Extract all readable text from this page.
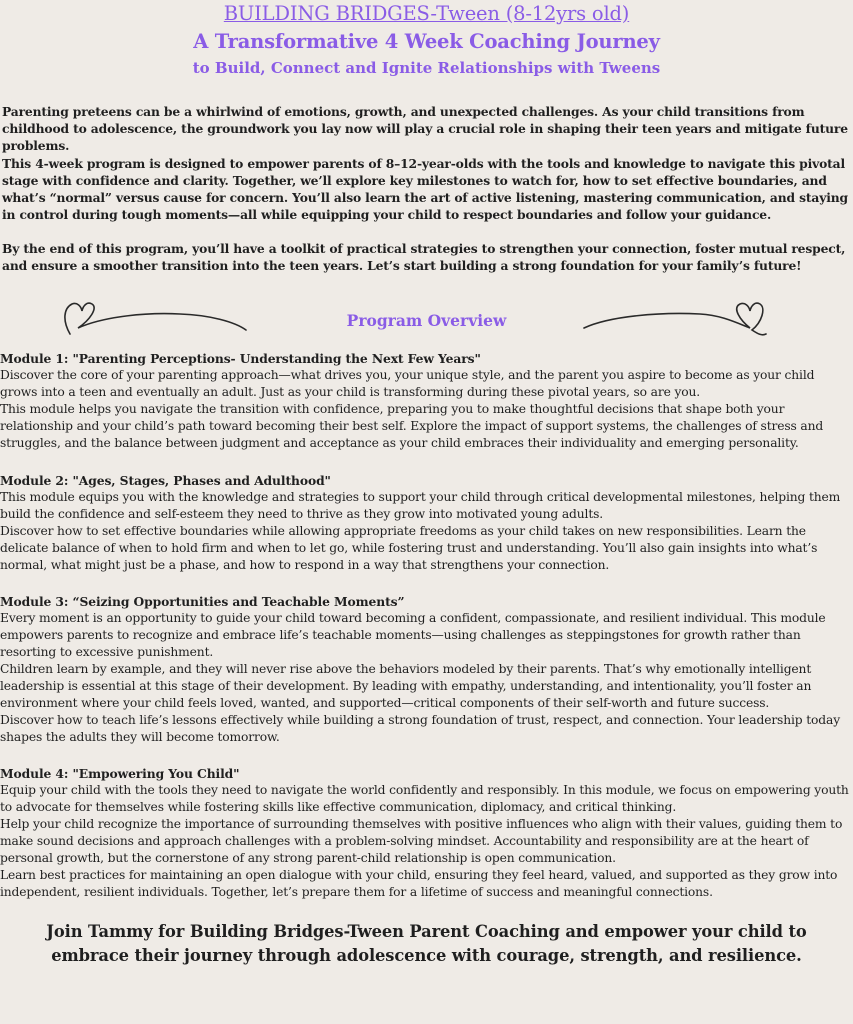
BUILDING BRIDGES-Tween (8-12yrs old)
A Transformative 4 Week Coaching Journey
to Build, Connect and Ignite Relationships with Tweens

Parenting preteens can be a whirlwind of emotions, growth, and unexpected challenges. As your child transitions from childhood to adolescence, the groundwork you lay now will play a crucial role in shaping their teen years and mitigate future problems.

This 4-week program is designed to empower parents of 8–12-year-olds with the tools and knowledge to navigate this pivotal stage with confidence and clarity. Together, we’ll explore key milestones to watch for, how to set effective boundaries, and what’s “normal” versus cause for concern. You’ll also learn the art of active listening, mastering communication, and staying in control during tough moments—all while equipping your child to respect boundaries and follow your guidance.

By the end of this program, you’ll have a toolkit of practical strategies to strengthen your connection, foster mutual respect, and ensure a smoother transition into the teen years. Let’s start building a strong foundation for your family’s future!

Program Overview

Module 1: "Parenting Perceptions- Understanding the Next Few Years"

Discover the core of your parenting approach—what drives you, your unique style, and the parent you aspire to become as your child grows into a teen and eventually an adult. Just as your child is transforming during these pivotal years, so are you.

This module helps you navigate the transition with confidence, preparing you to make thoughtful decisions that shape both your relationship and your child’s path toward becoming their best self. Explore the impact of support systems, the challenges of stress and struggles, and the balance between judgment and acceptance as your child embraces their individuality and emerging personality.

Module 2: "Ages, Stages, Phases and Adulthood"

This module equips you with the knowledge and strategies to support your child through critical developmental milestones, helping them build the confidence and self-esteem they need to thrive as they grow into motivated young adults.

Discover how to set effective boundaries while allowing appropriate freedoms as your child takes on new responsibilities. Learn the delicate balance of when to hold firm and when to let go, while fostering trust and understanding. You’ll also gain insights into what’s normal, what might just be a phase, and how to respond in a way that strengthens your connection.

Module 3: “Seizing Opportunities and Teachable Moments”

Every moment is an opportunity to guide your child toward becoming a confident, compassionate, and resilient individual. This module empowers parents to recognize and embrace life’s teachable moments—using challenges as steppingstones for growth rather than resorting to excessive punishment.

Children learn by example, and they will never rise above the behaviors modeled by their parents. That’s why emotionally intelligent leadership is essential at this stage of their development. By leading with empathy, understanding, and intentionality, you’ll foster an environment where your child feels loved, wanted, and supported—critical components of their self-worth and future success.

Discover how to teach life’s lessons effectively while building a strong foundation of trust, respect, and connection. Your leadership today shapes the adults they will become tomorrow.

Module 4: "Empowering You Child"

Equip your child with the tools they need to navigate the world confidently and responsibly. In this module, we focus on empowering youth to advocate for themselves while fostering skills like effective communication, diplomacy, and critical thinking.

Help your child recognize the importance of surrounding themselves with positive influences who align with their values, guiding them to make sound decisions and approach challenges with a problem-solving mindset. Accountability and responsibility are at the heart of personal growth, but the cornerstone of any strong parent-child relationship is open communication.

Learn best practices for maintaining an open dialogue with your child, ensuring they feel heard, valued, and supported as they grow into independent, resilient individuals. Together, let’s prepare them for a lifetime of success and meaningful connections.

Join Tammy for Building Bridges-Tween Parent Coaching and empower your child to embrace their journey through adolescence with courage, strength, and resilience.
